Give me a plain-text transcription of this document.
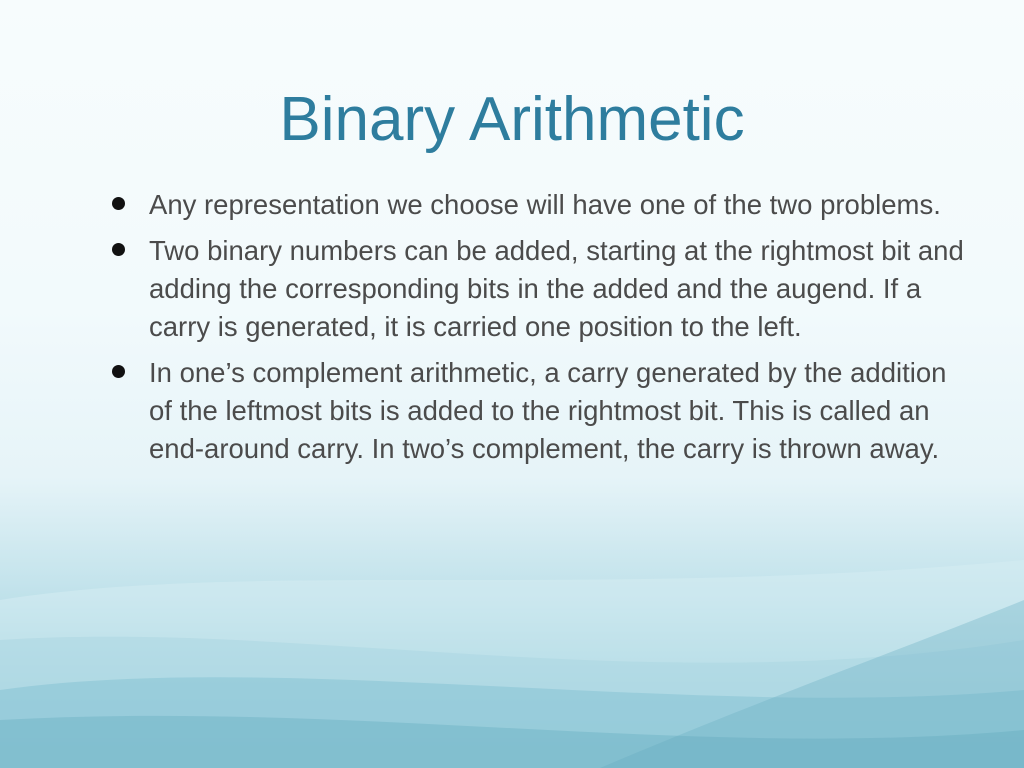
Binary Arithmetic
Any representation we choose will have one of the two problems.
Two binary numbers can be added, starting at the rightmost bit and adding the corresponding bits in the added and the augend. If a carry is generated, it is carried one position to the left.
In one’s complement arithmetic, a carry generated by the addition of the leftmost bits is added to the rightmost bit. This is called an end-around carry. In two’s complement, the carry is thrown away.
